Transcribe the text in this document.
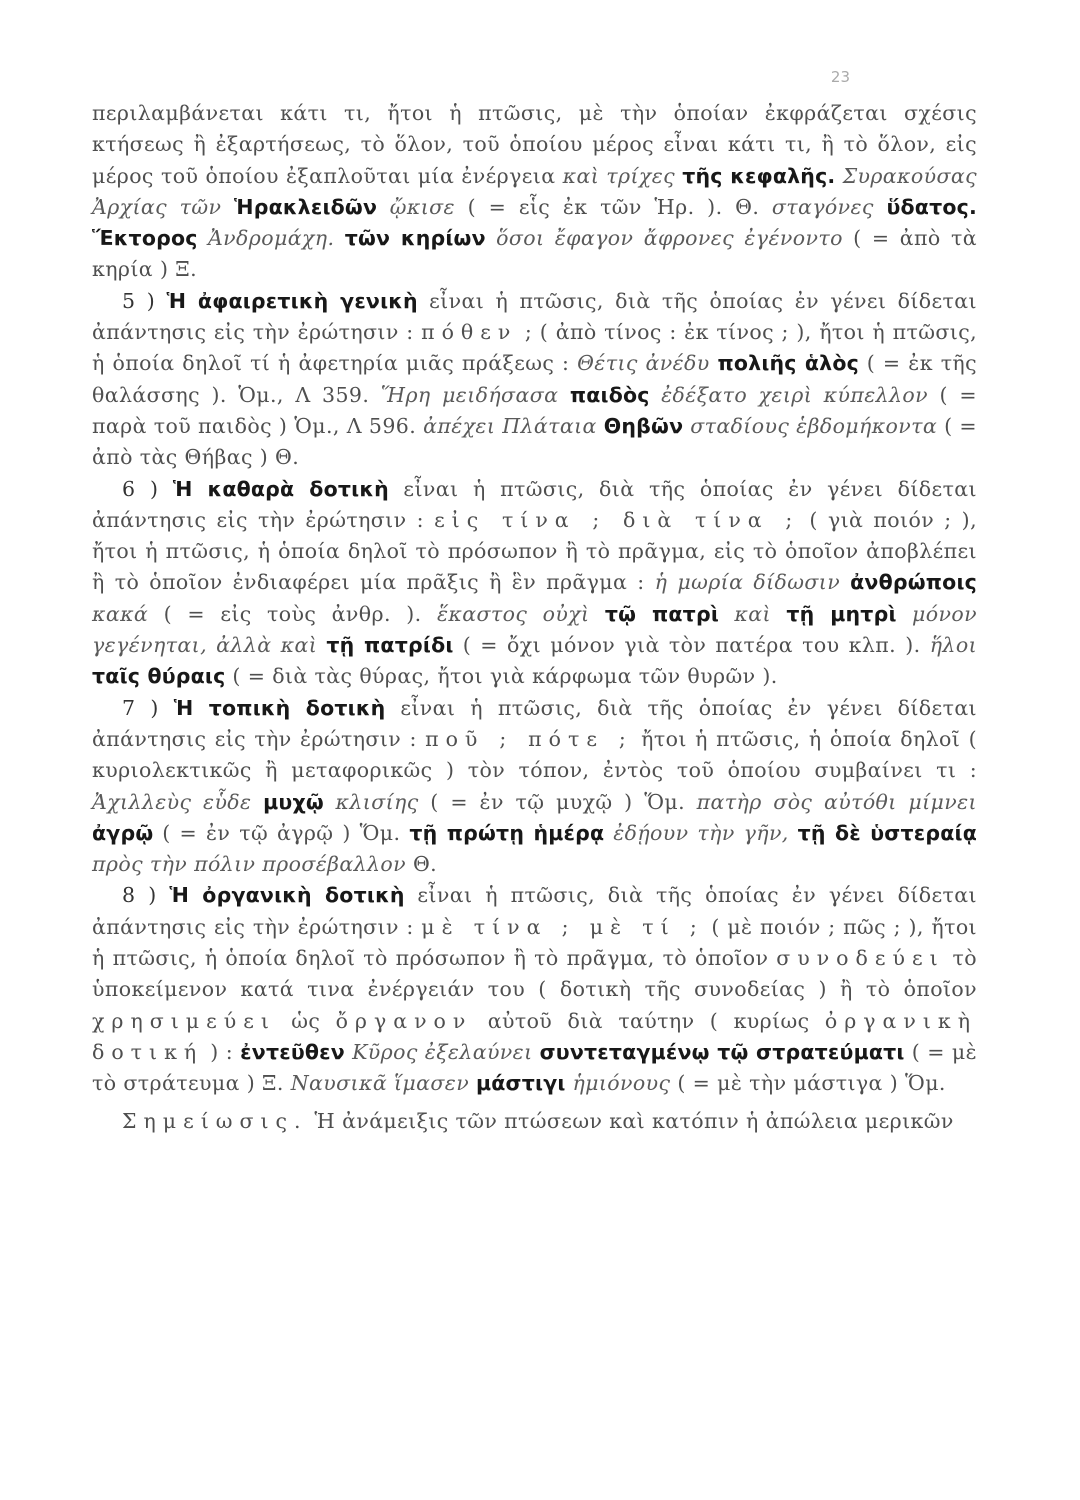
23

περιλαμβάνεται κάτι τι, ἤτοι ἡ πτῶσις, μὲ τὴν ὁποίαν ἐκφράζεται σχέσις κτήσεως ἢ ἐξαρτήσεως, τὸ ὅλον, τοῦ ὁποίου μέρος εἶναι κάτι τι, ἢ τὸ ὅλον, εἰς μέρος τοῦ ὁποίου ἐξαπλοῦται μία ἐνέργεια καὶ τρίχες τῆς κεφαλῆς. Συρακούσας Ἀρχίας τῶν Ἡρακλειδῶν ᾤκισε ( = εἷς ἐκ τῶν Ἡρ. ). Θ. σταγόνες ὕδατος. Ἕκτορος Ἀνδρομάχη. τῶν κηρίων ὅσοι ἔφαγον ἄφρονες ἐγένοντο ( = ἀπὸ τὰ κηρία ) Ξ.

5 ) Ἡ ἀφαιρετικὴ γενικὴ εἶναι ἡ πτῶσις, διὰ τῆς ὁποίας ἐν γένει δίδεται ἀπάντησις εἰς τὴν ἐρώτησιν : πόθεν ; ( ἀπὸ τίνος : ἐκ τίνος ; ), ἤτοι ἡ πτῶσις, ἡ ὁποία δηλοῖ τί ἡ ἀφετηρία μιᾶς πράξεως : Θέτις ἀνέδυ πολιῆς ἁλὸς ( = ἐκ τῆς θαλάσσης ). Ὁμ., Λ 359. Ἥρη μειδήσασα παιδὸς ἐδέξατο χειρὶ κύπελλον ( = παρὰ τοῦ παιδὸς ) Ὁμ., Λ 596. ἀπέχει Πλάταια Θηβῶν σταδίους ἑβδομήκοντα ( = ἀπὸ τὰς Θήβας ) Θ.

6 ) Ἡ καθαρὰ δοτικὴ εἶναι ἡ πτῶσις, διὰ τῆς ὁποίας ἐν γένει δίδεται ἀπάντησις εἰς τὴν ἐρώτησιν : εἰς τίνα ; διὰ τίνα ; ( γιὰ ποιόν ; ), ἤτοι ἡ πτῶσις, ἡ ὁποία δηλοῖ τὸ πρόσωπον ἢ τὸ πρᾶγμα, εἰς τὸ ὁποῖον ἀποβλέπει ἢ τὸ ὁποῖον ἐνδιαφέρει μία πρᾶξις ἢ ἓν πρᾶγμα : ἡ μωρία δίδωσιν ἀνθρώποις κακά ( = εἰς τοὺς ἀνθρ. ). ἕκαστος οὐχὶ τῷ πατρὶ καὶ τῇ μητρὶ μόνον γεγένηται, ἀλλὰ καὶ τῇ πατρίδι ( = ὄχι μόνον γιὰ τὸν πατέρα του κλπ. ). ἥλοι ταῖς θύραις ( = διὰ τὰς θύρας, ἤτοι γιὰ κάρφωμα τῶν θυρῶν ).

7 ) Ἡ τοπικὴ δοτικὴ εἶναι ἡ πτῶσις, διὰ τῆς ὁποίας ἐν γένει δίδεται ἀπάντησις εἰς τὴν ἐρώτησιν : ποῦ ; πότε ; ἤτοι ἡ πτῶσις, ἡ ὁποία δηλοῖ ( κυριολεκτικῶς ἢ μεταφορικῶς ) τὸν τόπον, ἐντὸς τοῦ ὁποίου συμβαίνει τι : Ἀχιλλεὺς εὗδε μυχῷ κλισίης ( = ἐν τῷ μυχῷ ) Ὅμ. πατὴρ σὸς αὐτόθι μίμνει ἀγρῷ ( = ἐν τῷ ἀγρῷ ) Ὅμ. τῇ πρώτῃ ἡμέρᾳ ἐδῄουν τὴν γῆν, τῇ δὲ ὑστεραίᾳ πρὸς τὴν πόλιν προσέβαλλον Θ.

8 ) Ἡ ὀργανικὴ δοτικὴ εἶναι ἡ πτῶσις, διὰ τῆς ὁποίας ἐν γένει δίδεται ἀπάντησις εἰς τὴν ἐρώτησιν : μὲ τίνα ; μὲ τί ; ( μὲ ποιόν ; πῶς ; ), ἤτοι ἡ πτῶσις, ἡ ὁποία δηλοῖ τὸ πρόσωπον ἢ τὸ πρᾶγμα, τὸ ὁποῖον συνοδεύει τὸ ὑποκείμενον κατά τινα ἐνέργειάν του ( δοτικὴ τῆς συνοδείας ) ἢ τὸ ὁποῖον χρησιμεύει ὡς ὄργανον αὐτοῦ διὰ ταύτην ( κυρίως ὀργανικὴ δοτική ) : ἐντεῦθεν Κῦρος ἐξελαύνει συντεταγμένῳ τῷ στρατεύματι ( = μὲ τὸ στράτευμα ) Ξ. Ναυσικᾶ ἵμασεν μάστιγι ἡμιόνους ( = μὲ τὴν μάστιγα ) Ὅμ.

Σημείωσις. Ἡ ἀνάμειξις τῶν πτώσεων καὶ κατόπιν ἡ ἀπώλεια μερικῶν
